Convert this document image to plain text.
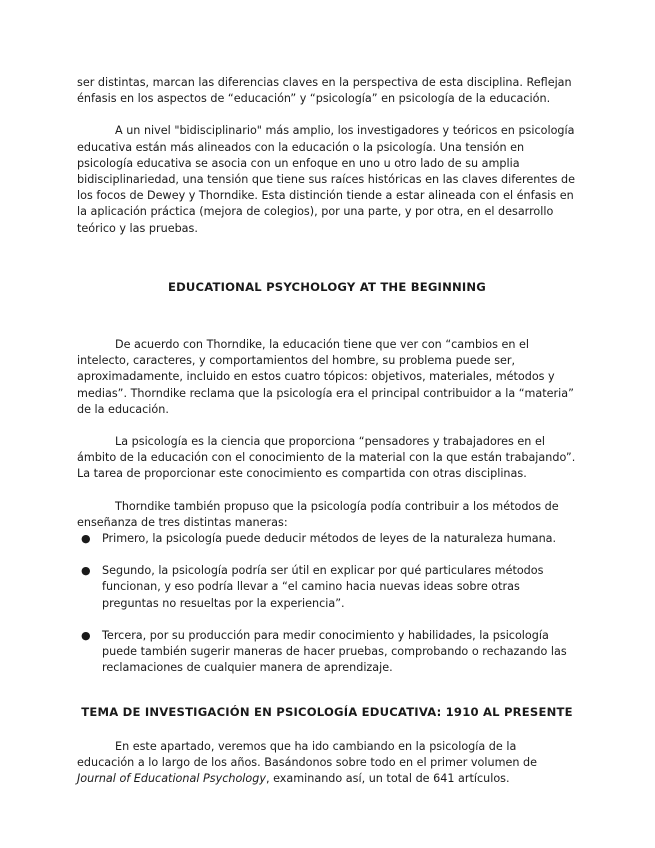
ser distintas, marcan las diferencias claves en la perspectiva de esta disciplina. Reflejan énfasis en los aspectos de “educación” y “psicología” en psicología de la educación.

A un nivel "bidisciplinario" más amplio, los investigadores y teóricos en psicología educativa están más alineados con la educación o la psicología. Una tensión en psicología educativa se asocia con un enfoque en uno u otro lado de su amplia bidisciplinariedad, una tensión que tiene sus raíces históricas en las claves diferentes de los focos de Dewey y Thorndike. Esta distinción tiende a estar alineada con el énfasis en la aplicación práctica (mejora de colegios), por una parte, y por otra, en el desarrollo teórico y las pruebas.

EDUCATIONAL PSYCHOLOGY AT THE BEGINNING

De acuerdo con Thorndike, la educación tiene que ver con “cambios en el intelecto, caracteres, y comportamientos del hombre, su problema puede ser, aproximadamente, incluido en estos cuatro tópicos: objetivos, materiales, métodos y medias”. Thorndike reclama que la psicología era el principal contribuidor a la “materia” de la educación.

La psicología es la ciencia que proporciona “pensadores y trabajadores en el ámbito de la educación con el conocimiento de la material con la que están trabajando”. La tarea de proporcionar este conocimiento es compartida con otras disciplinas.

Thorndike también propuso que la psicología podía contribuir a los métodos de enseñanza de tres distintas maneras:

● Primero, la psicología puede deducir métodos de leyes de la naturaleza humana.
● Segundo, la psicología podría ser útil en explicar por qué particulares métodos funcionan, y eso podría llevar a “el camino hacia nuevas ideas sobre otras preguntas no resueltas por la experiencia”.
● Tercera, por su producción para medir conocimiento y habilidades, la psicología puede también sugerir maneras de hacer pruebas, comprobando o rechazando las reclamaciones de cualquier manera de aprendizaje.

TEMA DE INVESTIGACIÓN EN PSICOLOGÍA EDUCATIVA: 1910 AL PRESENTE

En este apartado, veremos que ha ido cambiando en la psicología de la educación a lo largo de los años. Basándonos sobre todo en el primer volumen de Journal of Educational Psychology, examinando así, un total de 641 artículos.
